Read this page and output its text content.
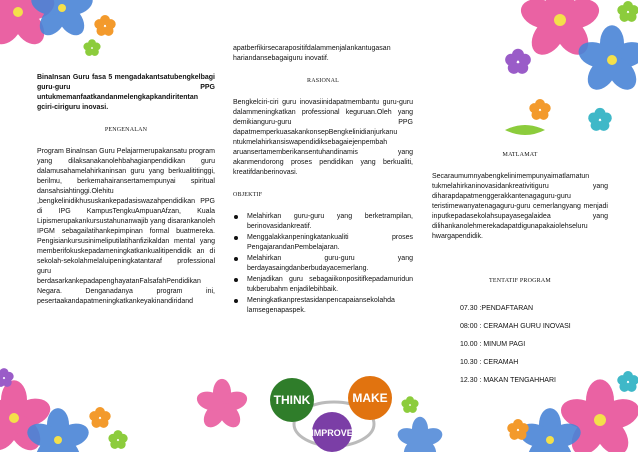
THINK	MAKE
IMPROVE

BinaInsan Guru fasa 5 mengadakantsatubengkelbagi guru-guru PPG untukmemanfaatkandanmelengkapkandiritentan gciri-ciriguru inovasi.

PENGENALAN

Program BinaInsan Guru Pelajarmerupakansatu program yang dilaksanakanolehbahagianpendidikan guru dalamusahamelahirkaninsan guru yang berkualititinggi, berilmu, berkemahairansertamempunyai spiritual dansahsiahtinggi.Olehitu ,bengkelinidikhususkankepadasiswazahpendidikan PPG di IPG KampusTengkuAmpuanAfzan, Kuala Lipismerupakankursustahunanwajib yang disarankanoleh IPGM sebagailatihankepimpinan formal buatmereka. Pengisiankursusinimeliputilatihanfizikaldan mental yang memberifokuskepadameningkatkankualitipendidik an di sekolah-sekolahmelaluipeningkatantaraf professional guru berdasarkankepadapenghayatanFalsafahPendidikan Negara. Denganadanya program ini, pesertaakandapatmeningkatkankeyakinandiridand

apatberfikirsecarapositifdalammenjalankantugasan hariandansebagaiguru inovatif.

RASIONAL

Bengkelciri-ciri guru inovasiinidapatmembantu guru-guru dalammeningkatkan professional keguruan.Oleh yang demikianguru-guru PPG dapatmemperkuasakankonsepBengkelinidianjurkanu ntukmelahirkansiswapendidiksebagaiejenpembah aruansertamemberikansentuhandinamis yang akanmendorong proses pendidikan yang berkualiti, kreatifdanberinovasi.

OBJEKTIF

Melahirkan guru-guru yang berketrampilan, berinovasidankreatif.
Menggalakkanpeningkatankualiti proses PengajarandanPembelajaran.
Melahirkan guru-guru yang berdayasaingdanberbudayacemerlang.
Menjadikan guru sebagaiikonpositifkepadamuridun tukberubahm enjadilebihbaik.
Meningkatkanprestasidanpencapaiansekolahda lamsegenapaspek.

MATLAMAT

Secaraumumnyabengkelinimempunyaimatlamatun tukmelahirkaninovasidankreativitiguru yang diharapdapatmenggerakkantenagaguru-guru teristimewanyatenagaguru-guru cemerlangyang menjadi inputkepadasekolahsupayasegalaidea yang dilihankanolehmerekadapatdigunapakaiolehseluru hwargapendidik.

TENTATIF PROGRAM

07.30 :PENDAFTARAN
08:00 : CERAMAH GURU INOVASI
10.00 : MINUM PAGI
10.30 : CERAMAH
12.30 : MAKAN TENGAHHARI
